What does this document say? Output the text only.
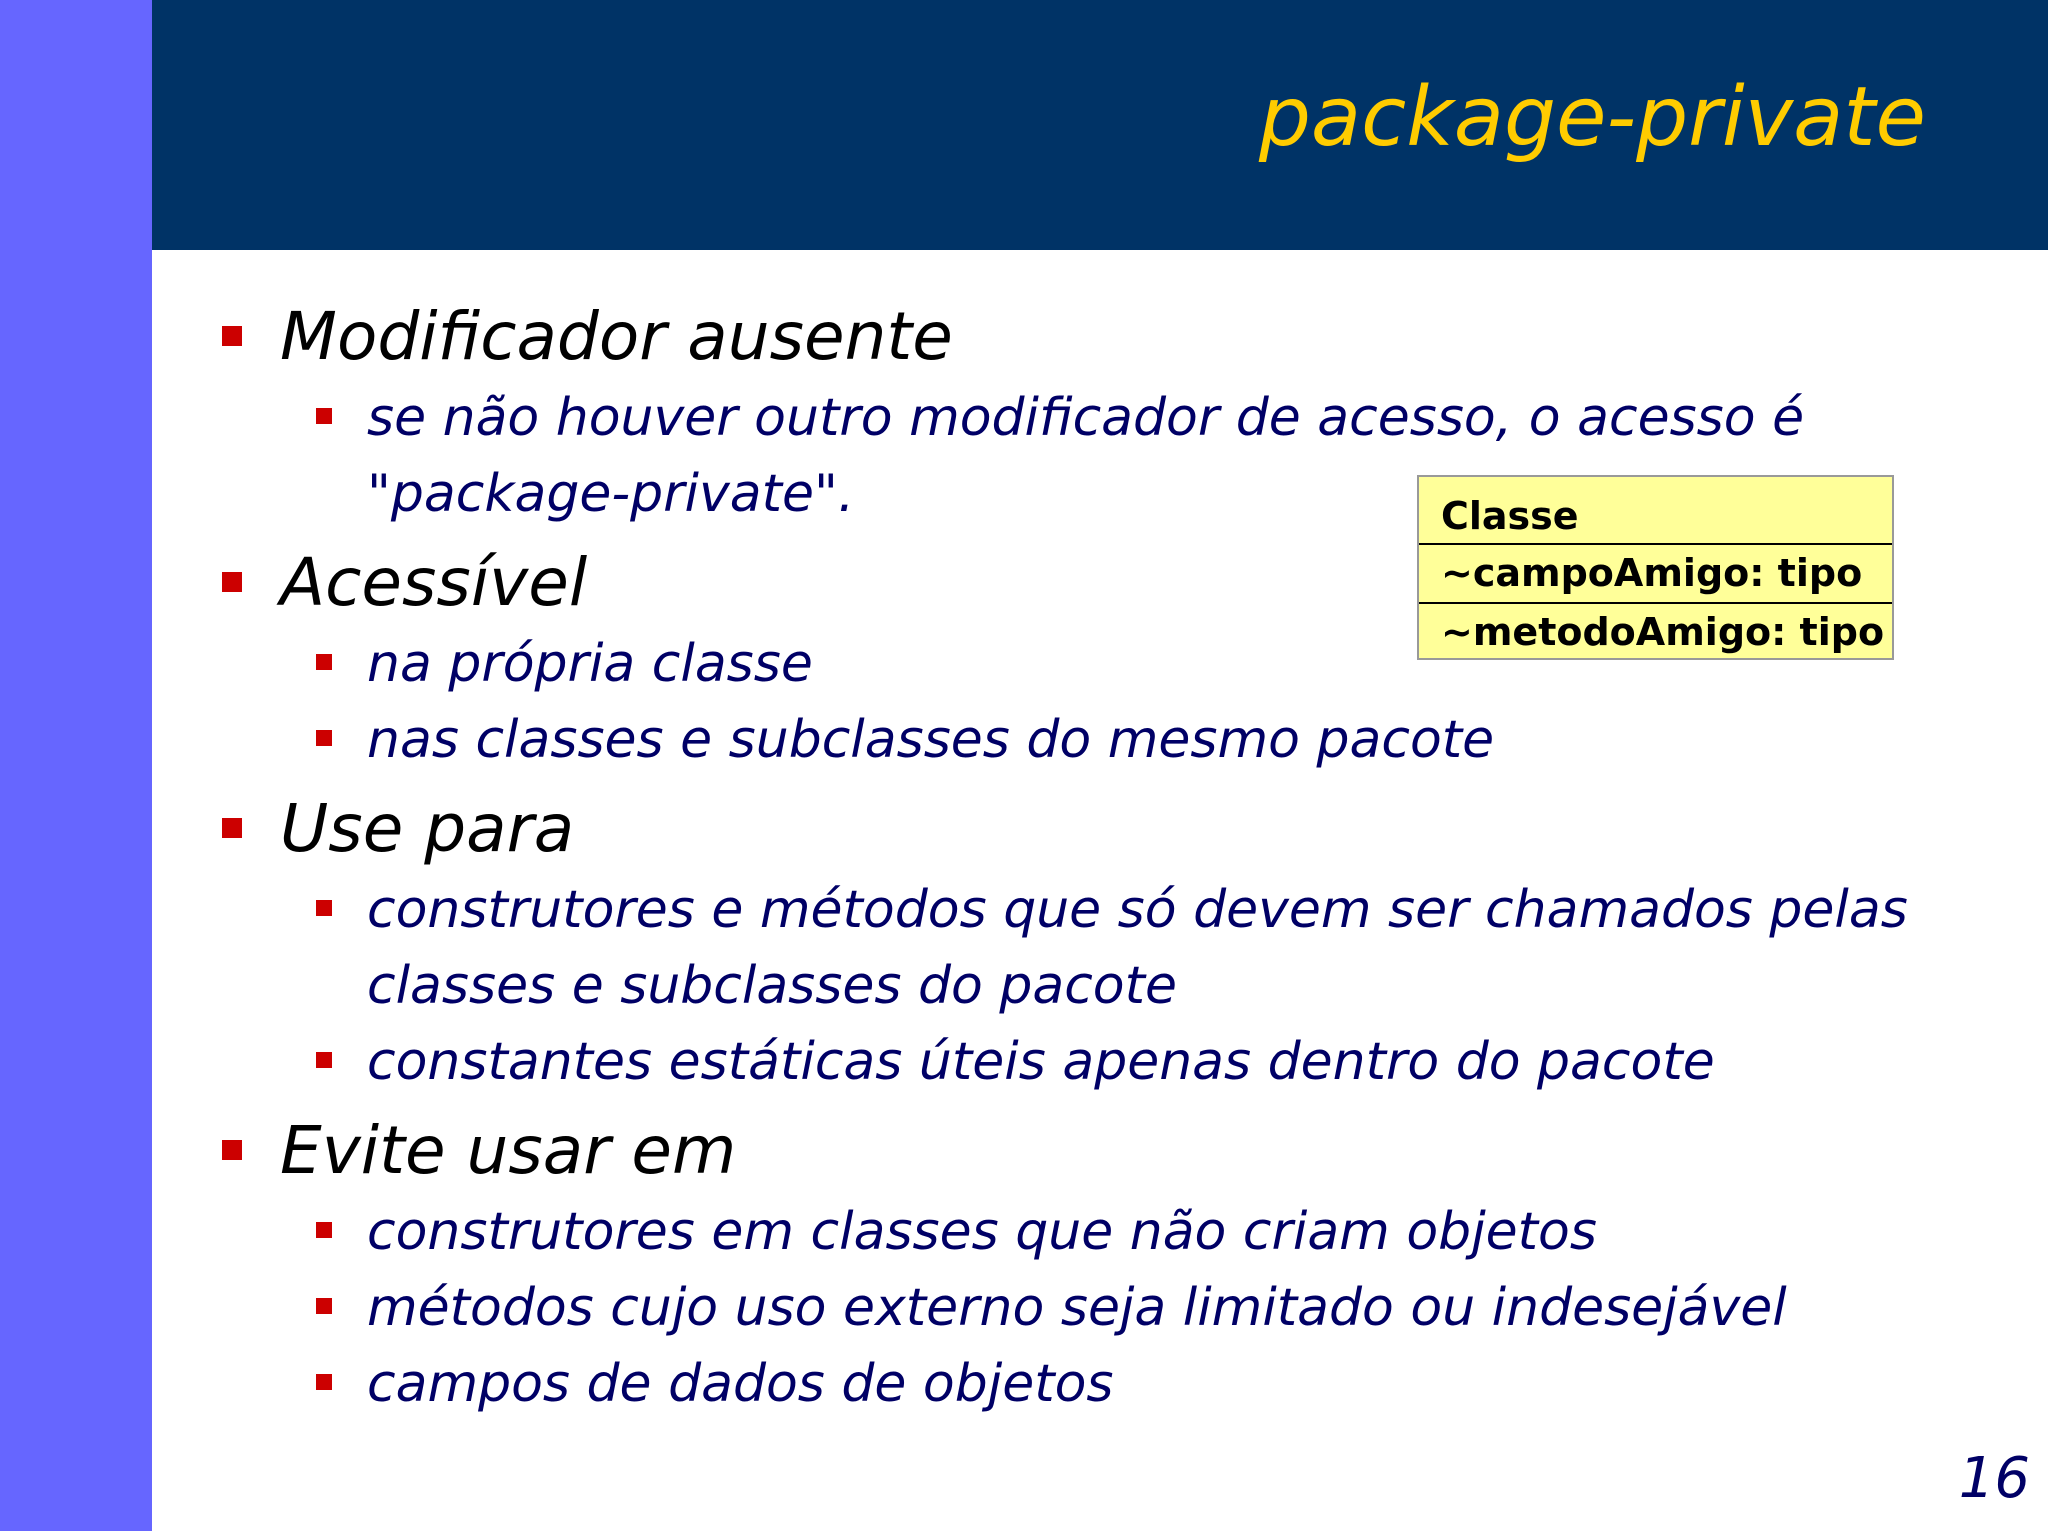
package-private
Modificador ausente
se não houver outro modificador de acesso, o acesso é
"package-private".
Acessível
na própria classe
nas classes e subclasses do mesmo pacote
Use para
construtores e métodos que só devem ser chamados pelas
classes e subclasses do pacote
constantes estáticas úteis apenas dentro do pacote
Evite usar em
construtores em classes que não criam objetos
métodos cujo uso externo seja limitado ou indesejável
campos de dados de objetos
Classe
~campoAmigo: tipo
~metodoAmigo: tipo
16
